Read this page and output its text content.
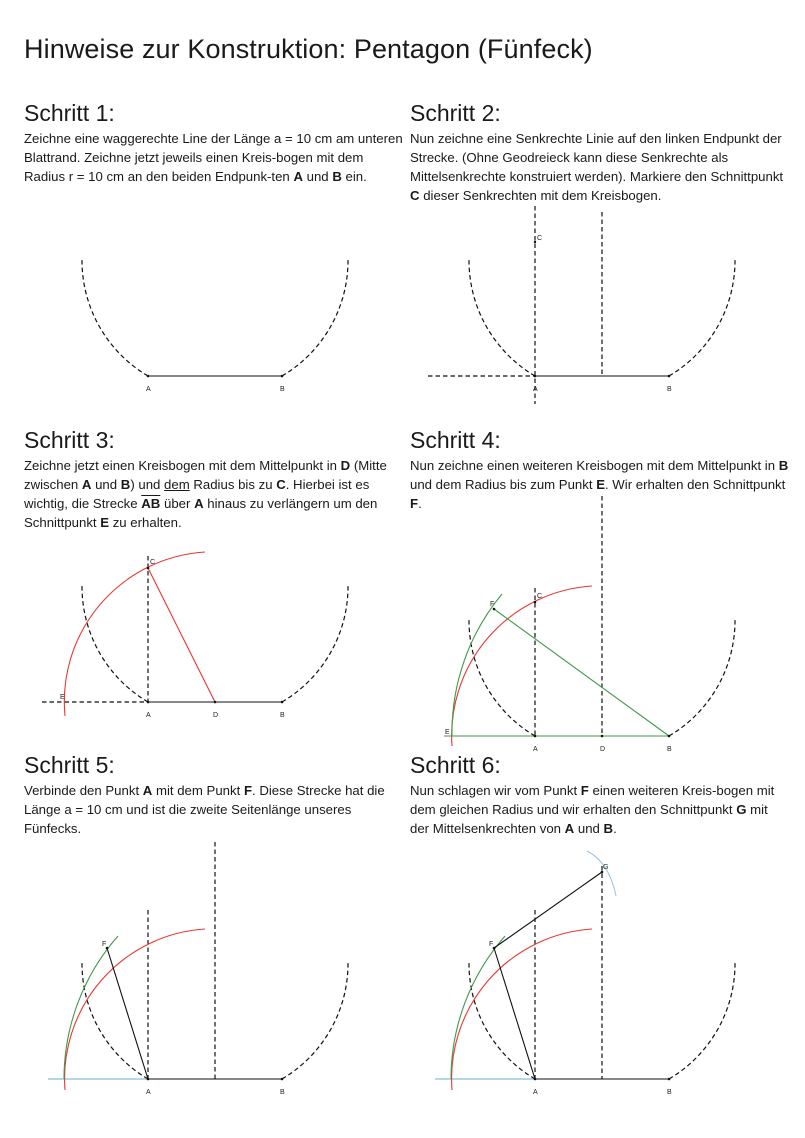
Hinweise zur Konstruktion: Pentagon (Fünfeck)
Schritt 1:
Zeichne eine waggerechte Line der Länge a = 10 cm am unteren Blattrand. Zeichne jetzt jeweils einen Kreis-bogen mit dem Radius r = 10 cm an den beiden Endpunk-ten A und B ein.
Schritt 2:
Nun zeichne eine Senkrechte Linie auf den linken Endpunkt der Strecke. (Ohne Geodreieck kann diese Senkrechte als Mittelsenkrechte konstruiert werden). Markiere den Schnittpunkt C dieser Senkrechten mit dem Kreisbogen.
Schritt 3:
Zeichne jetzt einen Kreisbogen mit dem Mittelpunkt in D (Mitte zwischen A und B) und dem Radius bis zu C. Hierbei ist es wichtig, die Strecke $\overline{AB}$ über A hinaus zu verlängern um den Schnittpunkt E zu erhalten.
Schritt 4:
Nun zeichne einen weiteren Kreisbogen mit dem Mittelpunkt in B und dem Radius bis zum Punkt E. Wir erhalten den Schnittpunkt F.
Schritt 5:
Verbinde den Punkt A mit dem Punkt F. Diese Strecke hat die Länge a = 10 cm und ist die zweite Seitenlänge unseres Fünfecks.
Schritt 6:
Nun schlagen wir vom Punkt F einen weiteren Kreis-bogen mit dem gleichen Radius und wir erhalten den Schnittpunkt G mit der Mittelsenkrechten von A und B.
A	B
C
A	B
C
E
A	D	B
F
C
E
A	D	B
F
A	B
F
G
A	B
